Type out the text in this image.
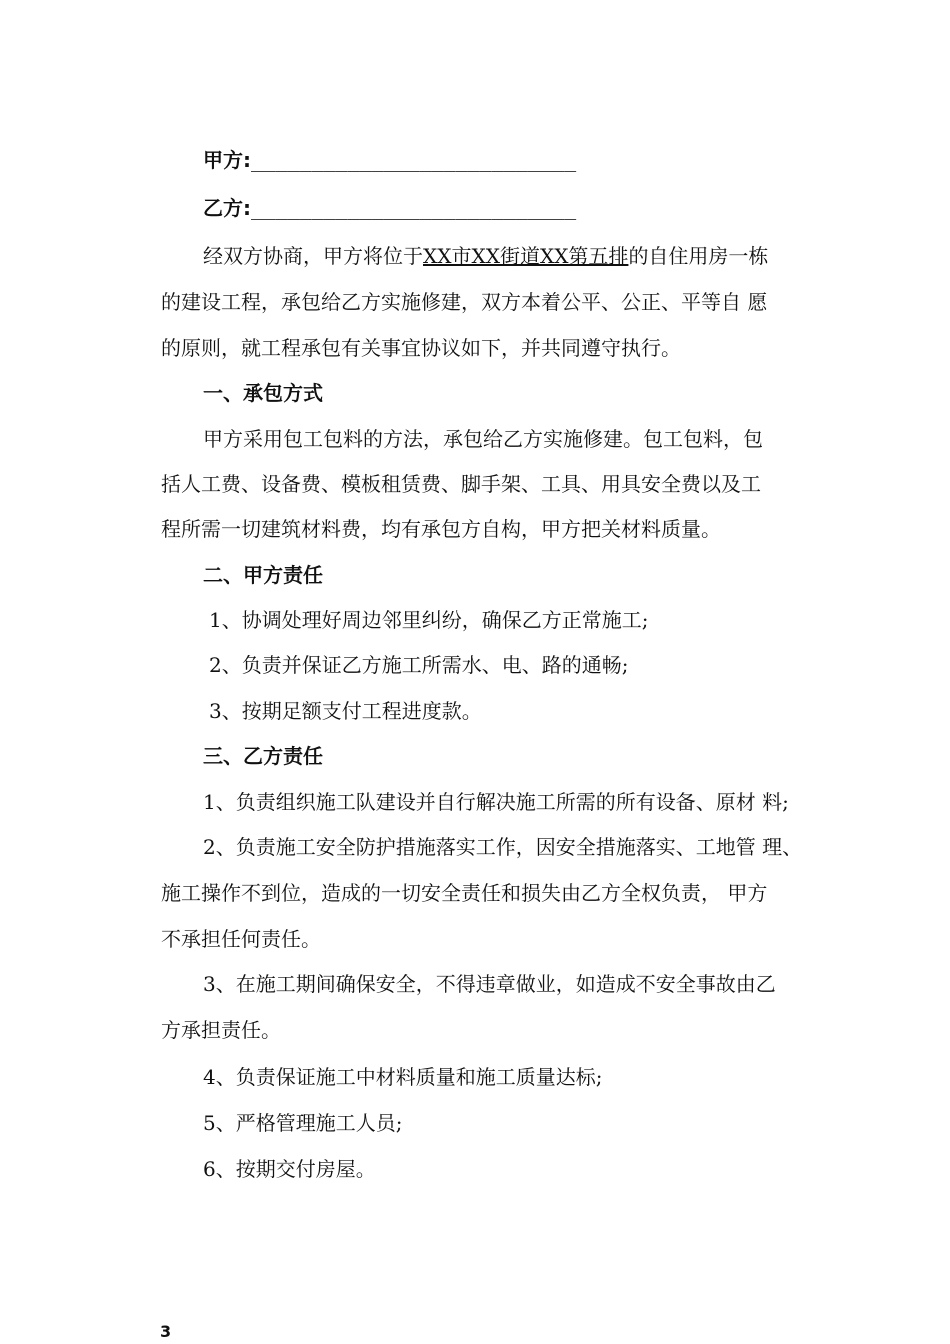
甲方:___________________________
乙方:___________________________
经双方协商，甲方将位于XX市XX街道XX第五排的自住用房一栋
的建设工程，承包给乙方实施修建，双方本着公平、公正、平等自 愿
的原则，就工程承包有关事宜协议如下，并共同遵守执行。
一、承包方式
甲方采用包工包料的方法，承包给乙方实施修建。包工包料，包
括人工费、设备费、模板租赁费、脚手架、工具、用具安全费以及工
程所需一切建筑材料费，均有承包方自构，甲方把关材料质量。
二、甲方责任
1、协调处理好周边邻里纠纷，确保乙方正常施工;
2、负责并保证乙方施工所需水、电、路的通畅;
3、按期足额支付工程进度款。
三、乙方责任
1、负责组织施工队建设并自行解决施工所需的所有设备、原材 料;
2、负责施工安全防护措施落实工作，因安全措施落实、工地管 理、
施工操作不到位，造成的一切安全责任和损失由乙方全权负责， 甲方
不承担任何责任。
3、在施工期间确保安全，不得违章做业，如造成不安全事故由乙
方承担责任。
4、负责保证施工中材料质量和施工质量达标;
5、严格管理施工人员;
6、按期交付房屋。
3
